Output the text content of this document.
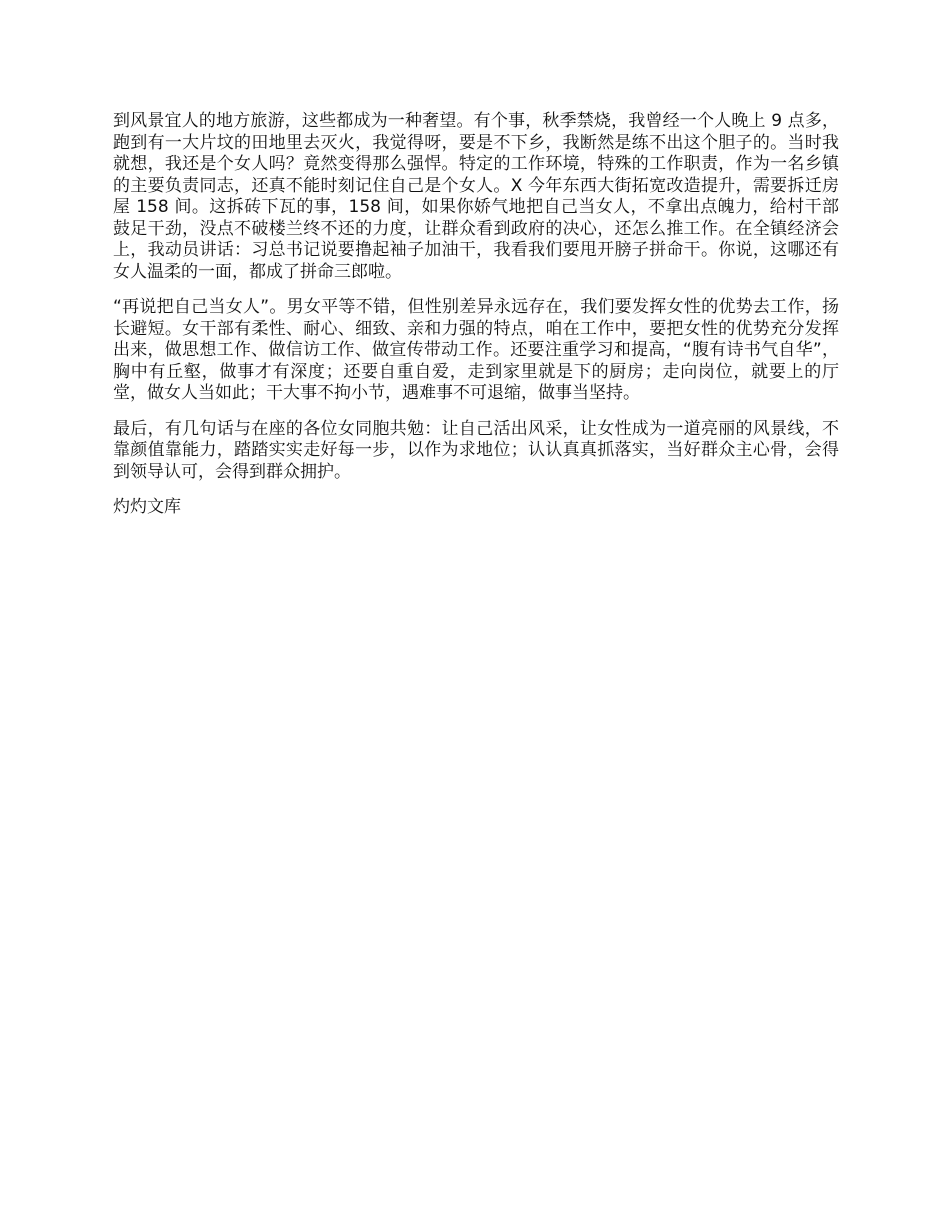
到风景宜人的地方旅游，这些都成为一种奢望。有个事，秋季禁烧，我曾经一个人晚上 9 点多，跑到有一大片坟的田地里去灭火，我觉得呀，要是不下乡，我断然是练不出这个胆子的。当时我就想，我还是个女人吗？竟然变得那么强悍。特定的工作环境，特殊的工作职责，作为一名乡镇的主要负责同志，还真不能时刻记住自己是个女人。X 今年东西大街拓宽改造提升，需要拆迁房屋 158 间。这拆砖下瓦的事，158 间，如果你娇气地把自己当女人，不拿出点魄力，给村干部鼓足干劲，没点不破楼兰终不还的力度，让群众看到政府的决心，还怎么推工作。在全镇经济会上，我动员讲话：习总书记说要撸起袖子加油干，我看我们要甩开膀子拼命干。你说，这哪还有女人温柔的一面，都成了拼命三郎啦。

“再说把自己当女人”。男女平等不错，但性别差异永远存在，我们要发挥女性的优势去工作，扬长避短。女干部有柔性、耐心、细致、亲和力强的特点，咱在工作中，要把女性的优势充分发挥出来，做思想工作、做信访工作、做宣传带动工作。还要注重学习和提高，“腹有诗书气自华”，胸中有丘壑，做事才有深度；还要自重自爱，走到家里就是下的厨房；走向岗位，就要上的厅堂，做女人当如此；干大事不拘小节，遇难事不可退缩，做事当坚持。

最后，有几句话与在座的各位女同胞共勉：让自己活出风采，让女性成为一道亮丽的风景线，不靠颜值靠能力，踏踏实实走好每一步，以作为求地位；认认真真抓落实，当好群众主心骨，会得到领导认可，会得到群众拥护。

灼灼文库
